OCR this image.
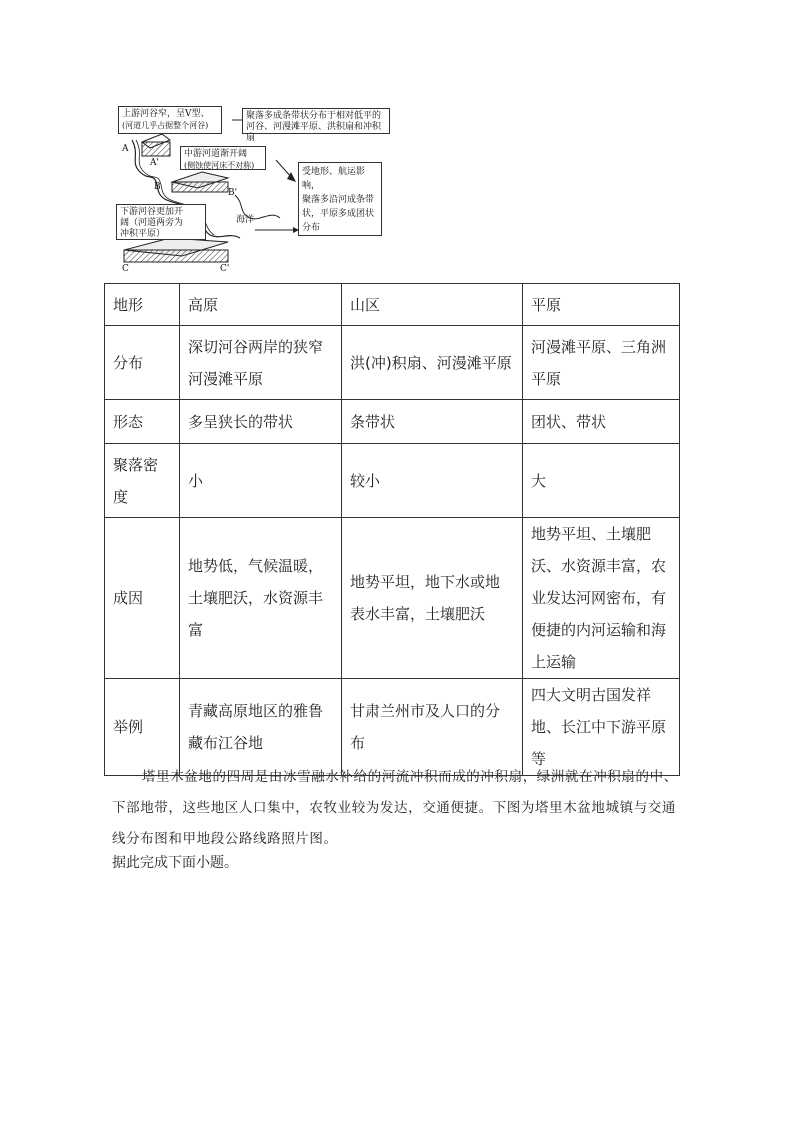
上游河谷窄，呈V型、
(河道几乎占据整个河谷)
聚落多成条带状分布于相对低平的
河谷、河漫滩平原、洪积扇和冲积扇
中游河道渐开阔
(侧蚀使河床不对称)
下游河谷更加开
阔（河道两旁为
冲积平原）
受地形、航运影响，
聚落多沿河成条带
状，平原多成团状
分布
海洋
A
A'
B
B'
C	C'
地形	高原	山区	平原
分布	深切河谷两岸的狭窄河漫滩平原	洪(冲)积扇、河漫滩平原	河漫滩平原、三角洲平原
形态	多呈狭长的带状	条带状	团状、带状
聚落密度	小	较小	大
成因	地势低，气候温暖，土壤肥沃，水资源丰富	地势平坦，地下水或地表水丰富，土壤肥沃	地势平坦、土壤肥沃、水资源丰富，农业发达河网密布，有便捷的内河运输和海上运输
举例	青藏高原地区的雅鲁藏布江谷地	甘肃兰州市及人口的分布	四大文明古国发祥地、长江中下游平原等
塔里木盆地的四周是由冰雪融水补给的河流冲积而成的冲积扇，绿洲就在冲积扇的中、下部地带，这些地区人口集中，农牧业较为发达，交通便捷。下图为塔里木盆地城镇与交通线分布图和甲地段公路线路照片图。
据此完成下面小题。
